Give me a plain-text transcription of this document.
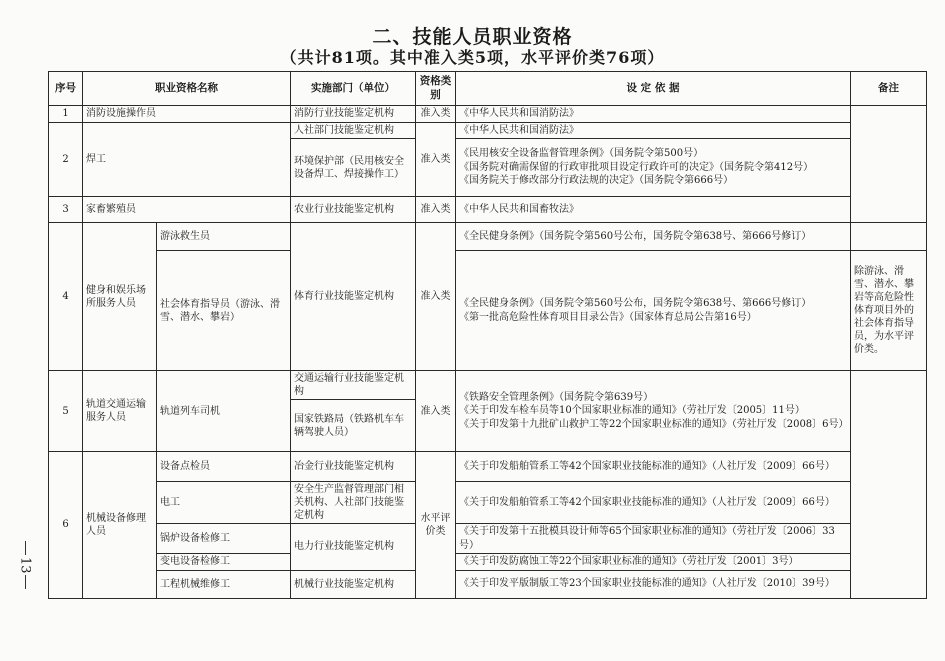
二、技能人员职业资格
（共计81项。其中准入类5项，水平评价类76项）
13
序号	职业资格名称		实施部门（单位）	资格类别	设 定 依 据	备注
1	消防设施操作员		消防行业技能鉴定机构	准入类	《中华人民共和国消防法》	

2	焊工		人社部门技能鉴定机构	准入类	《中华人民共和国消防法》	

			环境保护部（民用核安全设备焊工、焊接操作工）		《民用核安全设备监督管理条例》（国务院令第500号）
《国务院对确需保留的行政审批项目设定行政许可的决定》（国务院令第412号）
《国务院关于修改部分行政法规的决定》（国务院令第666号）	

3	家畜繁殖员		农业行业技能鉴定机构	准入类	《中华人民共和国畜牧法》	

4	健身和娱乐场所服务人员	游泳救生员	体育行业技能鉴定机构	准入类	《全民健身条例》（国务院令第560号公布，国务院令第638号、第666号修订）	

		社会体育指导员（游泳、滑雪、潜水、攀岩）			《全民健身条例》（国务院令第560号公布，国务院令第638号、第666号修订）
《第一批高危险性体育项目目录公告》（国家体育总局公告第16号）	除游泳、滑雪、潜水、攀岩等高危险性体育项目外的社会体育指导员，为水平评价类。
5	轨道交通运输服务人员	轨道列车司机	交通运输行业技能鉴定机构	准入类	《铁路安全管理条例》（国务院令第639号）
《关于印发车检车员等10个国家职业标准的通知》（劳社厅发〔2005〕11号）
《关于印发第十九批矿山救护工等22个国家职业标准的通知》（劳社厅发〔2008〕6号）	

			国家铁路局（铁路机车车辆驾驶人员）			
6	机械设备修理人员	设备点检员	冶金行业技能鉴定机构	水平评价类	《关于印发船舶管系工等42个国家职业技能标准的通知》（人社厅发〔2009〕66号）	
		电工	安全生产监督管理部门相关机构、人社部门技能鉴定机构		《关于印发船舶管系工等42个国家职业技能标准的通知》（人社厅发〔2009〕66号）	
		锅炉设备检修工	电力行业技能鉴定机构		《关于印发第十五批模具设计师等65个国家职业标准的通知》（劳社厅发〔2006〕33号）	
		变电设备检修工			《关于印发防腐蚀工等22个国家职业标准的通知》（劳社厅发〔2001〕3号）	
		工程机械维修工	机械行业技能鉴定机构		《关于印发平版制版工等23个国家职业技能标准的通知》（人社厅发〔2010〕39号）	
